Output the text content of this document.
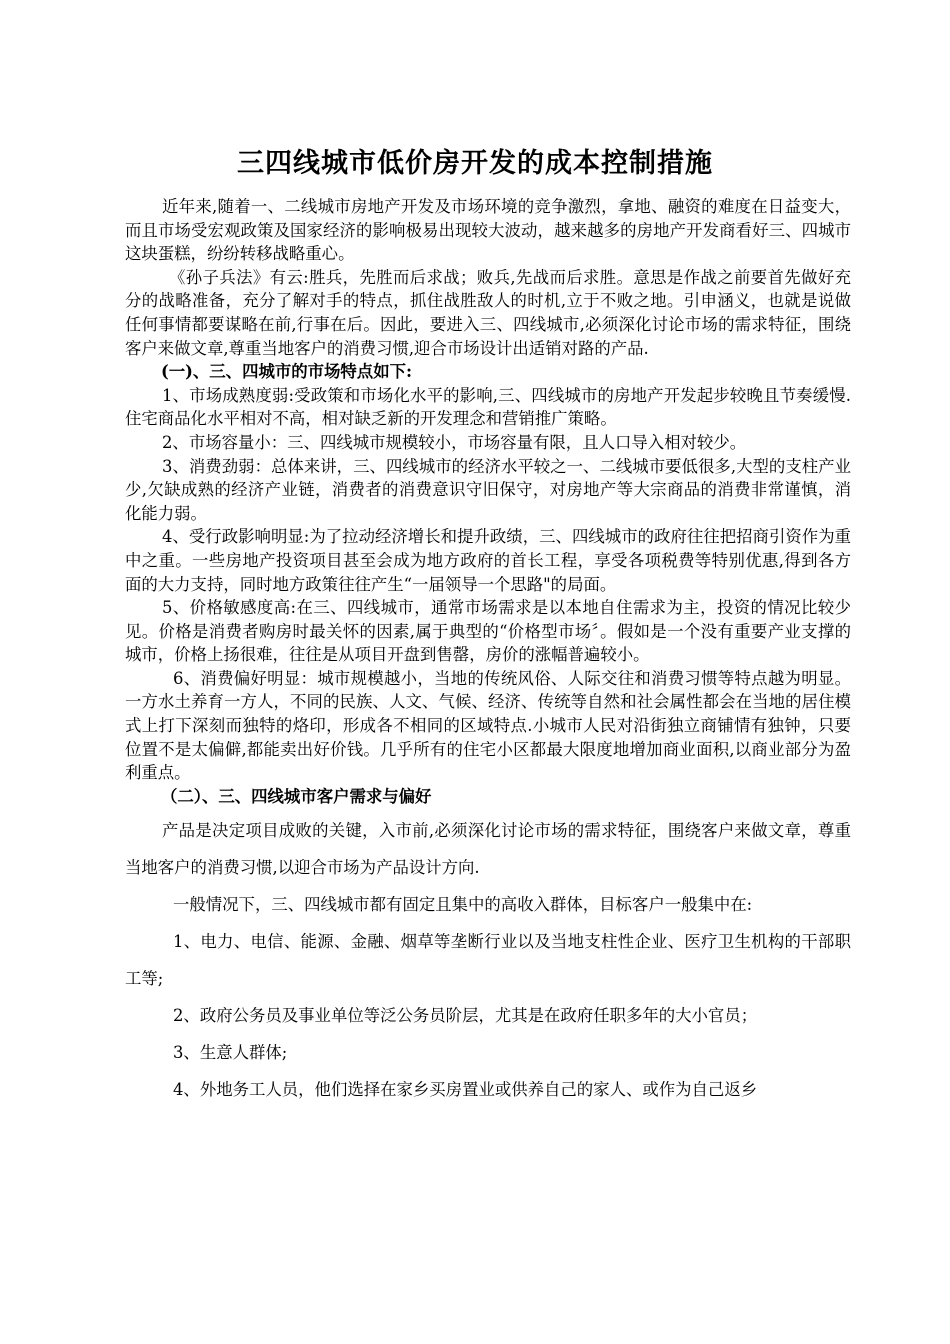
三四线城市低价房开发的成本控制措施

近年来,随着一、二线城市房地产开发及市场环境的竞争激烈，拿地、融资的难度在日益变大，而且市场受宏观政策及国家经济的影响极易出现较大波动，越来越多的房地产开发商看好三、四城市这块蛋糕，纷纷转移战略重心。

《孙子兵法》有云:胜兵，先胜而后求战；败兵,先战而后求胜。意思是作战之前要首先做好充分的战略准备，充分了解对手的特点，抓住战胜敌人的时机,立于不败之地。引申涵义，也就是说做任何事情都要谋略在前,行事在后。因此，要进入三、四线城市,必须深化讨论市场的需求特征，围绕客户来做文章,尊重当地客户的消费习惯,迎合市场设计出适销对路的产品.

(一)、三、四城市的市场特点如下:

1、市场成熟度弱:受政策和市场化水平的影响,三、四线城市的房地产开发起步较晚且节奏缓慢.住宅商品化水平相对不高，相对缺乏新的开发理念和营销推广策略。

2、市场容量小：三、四线城市规模较小，市场容量有限，且人口导入相对较少。

3、消费劲弱：总体来讲，三、四线城市的经济水平较之一、二线城市要低很多,大型的支柱产业少,欠缺成熟的经济产业链，消费者的消费意识守旧保守，对房地产等大宗商品的消费非常谨慎，消化能力弱。

4、受行政影响明显:为了拉动经济增长和提升政绩，三、四线城市的政府往往把招商引资作为重中之重。一些房地产投资项目甚至会成为地方政府的首长工程，享受各项税费等特别优惠,得到各方面的大力支持，同时地方政策往往产生“一届领导一个思路"的局面。

5、价格敏感度高:在三、四线城市，通常市场需求是以本地自住需求为主，投资的情况比较少见。价格是消费者购房时最关怀的因素,属于典型的“价格型市场〞。假如是一个没有重要产业支撑的城市，价格上扬很难，往往是从项目开盘到售罄，房价的涨幅普遍较小。

6、消费偏好明显：城市规模越小，当地的传统风俗、人际交往和消费习惯等特点越为明显。一方水土养育一方人，不同的民族、人文、气候、经济、传统等自然和社会属性都会在当地的居住模式上打下深刻而独特的烙印，形成各不相同的区域特点.小城市人民对沿街独立商铺情有独钟，只要位置不是太偏僻,都能卖出好价钱。几乎所有的住宅小区都最大限度地增加商业面积,以商业部分为盈利重点。

（二）、三、四线城市客户需求与偏好

产品是决定项目成败的关键，入市前,必须深化讨论市场的需求特征，围绕客户来做文章，尊重当地客户的消费习惯,以迎合市场为产品设计方向.

一般情况下，三、四线城市都有固定且集中的高收入群体，目标客户一般集中在:

1、电力、电信、能源、金融、烟草等垄断行业以及当地支柱性企业、医疗卫生机构的干部职工等;

2、政府公务员及事业单位等泛公务员阶层，尤其是在政府任职多年的大小官员；

3、生意人群体;

4、外地务工人员，他们选择在家乡买房置业或供养自己的家人、或作为自己返乡
